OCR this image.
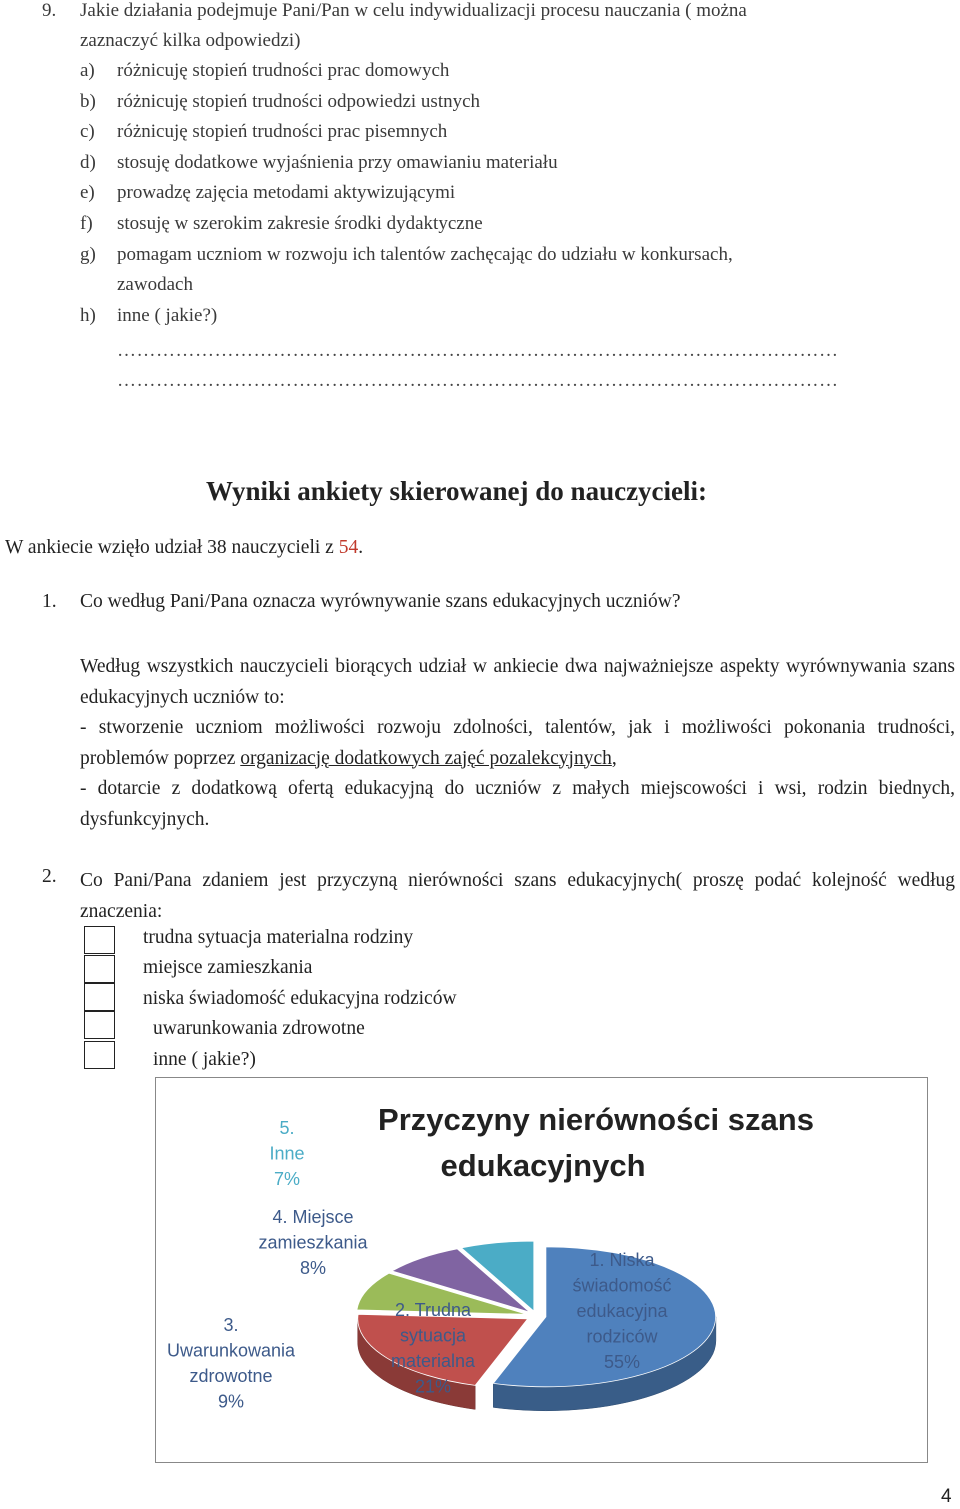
9. Jakie działania podejmuje Pani/Pan w celu indywidualizacji procesu nauczania ( można
zaznaczyć kilka odpowiedzi)
a) różnicuję stopień trudności prac domowych
b) różnicuję stopień trudności odpowiedzi ustnych
c) różnicuję stopień trudności prac pisemnych
d) stosuję dodatkowe wyjaśnienia przy omawianiu materiału
e) prowadzę zajęcia metodami aktywizującymi
f) stosuję w szerokim zakresie środki dydaktyczne
g) pomagam uczniom w rozwoju ich talentów zachęcając do udziału w konkursach,
zawodach
h) inne ( jakie?)
…………………………………………………………………………………………………
…………………………………………………………………………………………………
Wyniki ankiety skierowanej do nauczycieli:
W ankiecie wzięło udział 38 nauczycieli z 54.
1. Co według Pani/Pana oznacza wyrównywanie szans edukacyjnych uczniów?
Według wszystkich nauczycieli biorących udział w ankiecie dwa najważniejsze aspekty wyrównywania szans edukacyjnych uczniów to:
- stworzenie uczniom możliwości rozwoju zdolności, talentów, jak i możliwości pokonania trudności, problemów poprzez organizację dodatkowych zajęć pozalekcyjnych,
- dotarcie z dodatkową ofertą edukacyjną do uczniów z małych miejscowości i wsi, rodzin biednych, dysfunkcyjnych.
2. Co Pani/Pana zdaniem jest przyczyną nierówności szans edukacyjnych( proszę podać kolejność według znaczenia:
trudna sytuacja materialna rodziny
miejsce zamieszkania
niska świadomość edukacyjna rodziców
uwarunkowania zdrowotne
inne ( jakie?)
Przyczyny nierówności szans
edukacyjnych
1. Niska
świadomość
edukacyjna
rodziców
55%
2. Trudna
sytuacja
materialna
21%
3.
Uwarunkowania
zdrowotne
9%
4. Miejsce
zamieszkania
8%
5.
Inne
7%
4
